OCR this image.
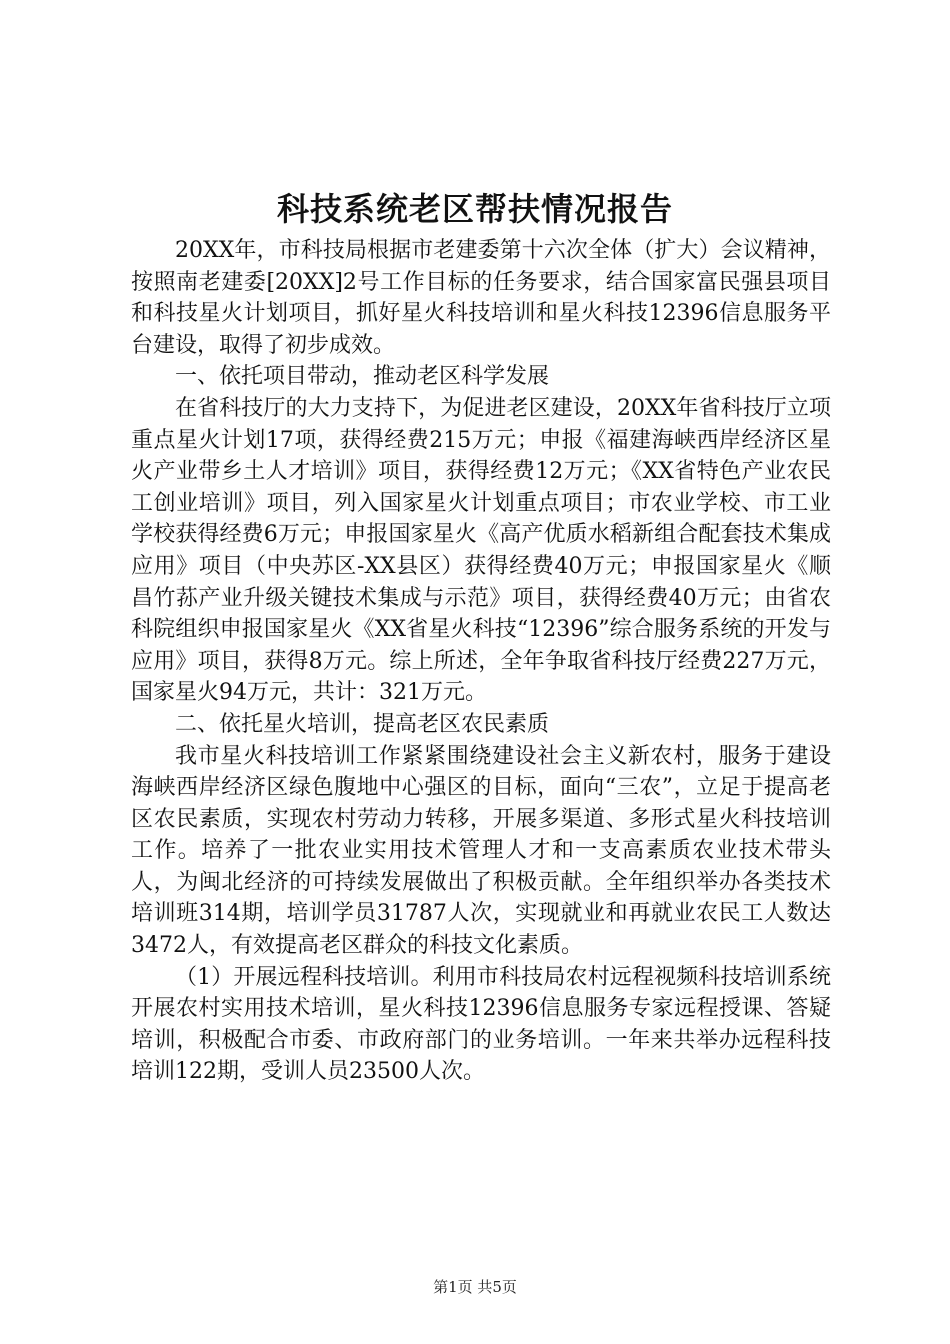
科技系统老区帮扶情况报告

20XX年，市科技局根据市老建委第十六次全体（扩大）会议精神，按照南老建委[20XX]2号工作目标的任务要求，结合国家富民强县项目和科技星火计划项目，抓好星火科技培训和星火科技12396信息服务平台建设，取得了初步成效。

一、依托项目带动，推动老区科学发展

在省科技厅的大力支持下，为促进老区建设，20XX年省科技厅立项重点星火计划17项，获得经费215万元；申报《福建海峡西岸经济区星火产业带乡土人才培训》项目，获得经费12万元；《XX省特色产业农民工创业培训》项目，列入国家星火计划重点项目；市农业学校、市工业学校获得经费6万元；申报国家星火《高产优质水稻新组合配套技术集成应用》项目（中央苏区-XX县区）获得经费40万元；申报国家星火《顺昌竹荪产业升级关键技术集成与示范》项目，获得经费40万元；由省农科院组织申报国家星火《XX省星火科技“12396”综合服务系统的开发与应用》项目，获得8万元。综上所述，全年争取省科技厅经费227万元，国家星火94万元，共计：321万元。

二、依托星火培训，提高老区农民素质

我市星火科技培训工作紧紧围绕建设社会主义新农村，服务于建设海峡西岸经济区绿色腹地中心强区的目标，面向“三农”，立足于提高老区农民素质，实现农村劳动力转移，开展多渠道、多形式星火科技培训工作。培养了一批农业实用技术管理人才和一支高素质农业技术带头人，为闽北经济的可持续发展做出了积极贡献。全年组织举办各类技术培训班314期，培训学员31787人次，实现就业和再就业农民工人数达3472人，有效提高老区群众的科技文化素质。

（1）开展远程科技培训。利用市科技局农村远程视频科技培训系统开展农村实用技术培训，星火科技12396信息服务专家远程授课、答疑培训，积极配合市委、市政府部门的业务培训。一年来共举办远程科技培训122期，受训人员23500人次。

第1页 共5页
